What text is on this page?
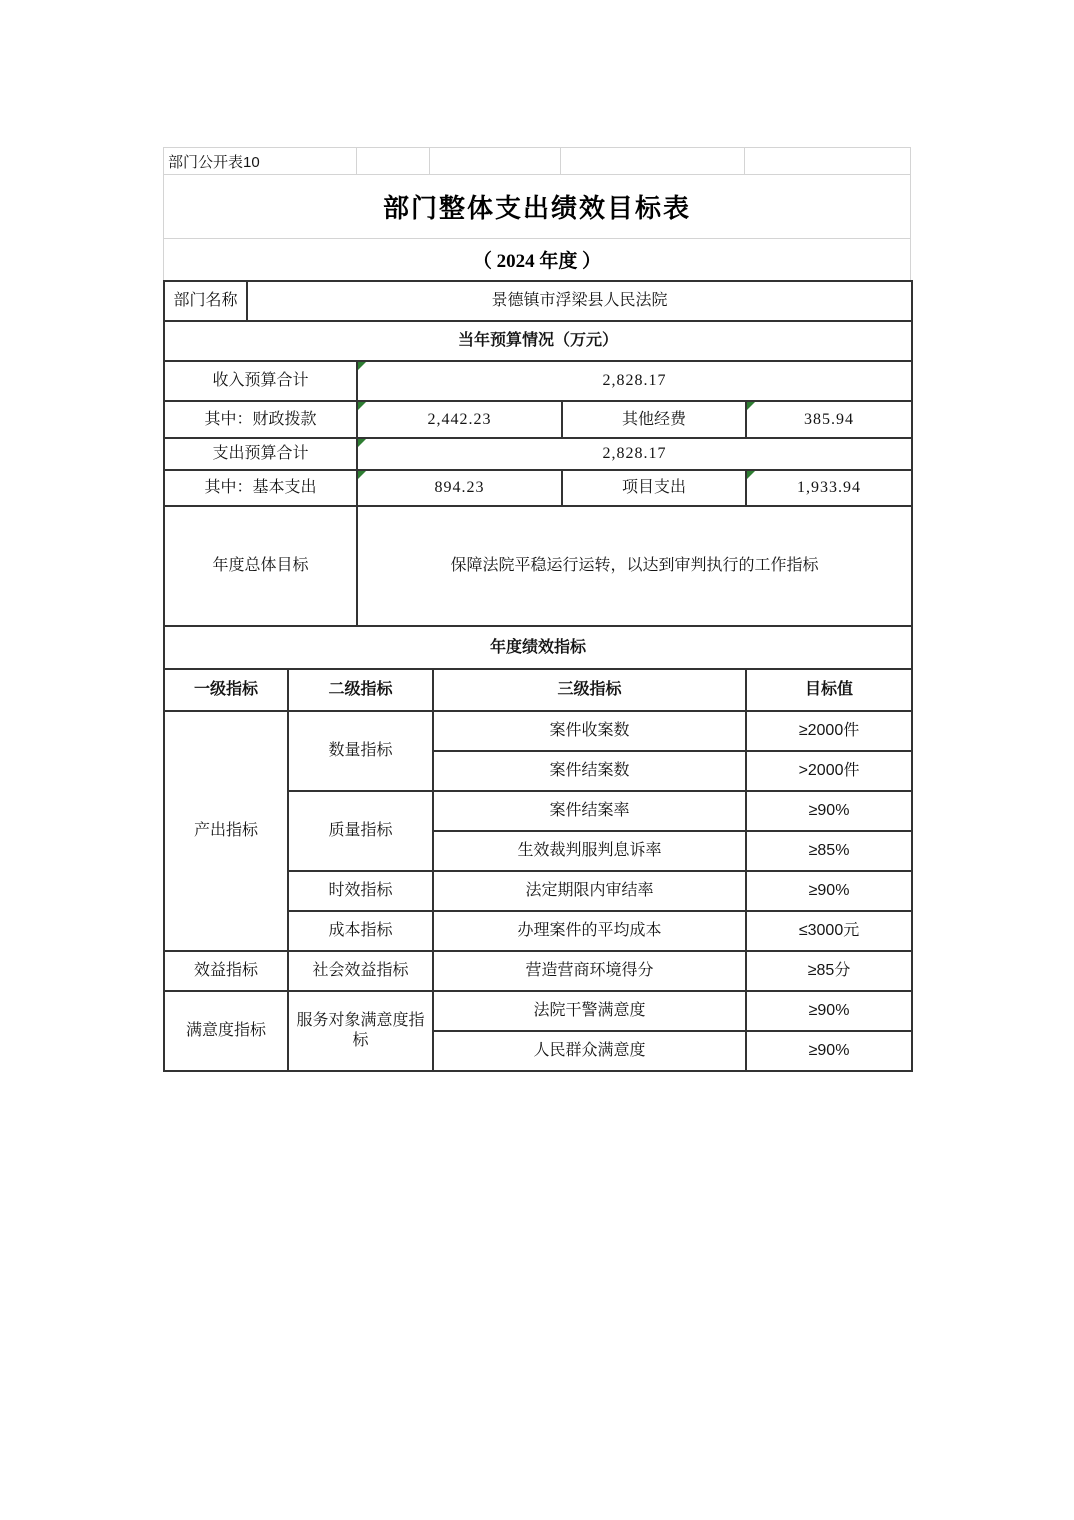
部门公开表10
部门整体支出绩效目标表
（ 2024 年度 ）
部门名称	景德镇市浮梁县人民法院					
当年预算情况（万元）						
收入预算合计			2,828.17			
其中：财政拨款			2,442.23		其他经费	385.94
支出预算合计			2,828.17			
其中：基本支出			894.23		项目支出	1,933.94
年度总体目标			保障法院平稳运行运转，以达到审判执行的工作指标			
年度绩效指标						
一级指标		二级指标		三级指标		目标值
产出指标		数量指标		案件收案数		≥2000件
				案件结案数		>2000件
		质量指标		案件结案率		≥90%
				生效裁判服判息诉率		≥85%
		时效指标		法定期限内审结率		≥90%
		成本指标		办理案件的平均成本		≤3000元
效益指标		社会效益指标		营造营商环境得分		≥85分
满意度指标		服务对象满意度指标		法院干警满意度		≥90%
				人民群众满意度		≥90%
